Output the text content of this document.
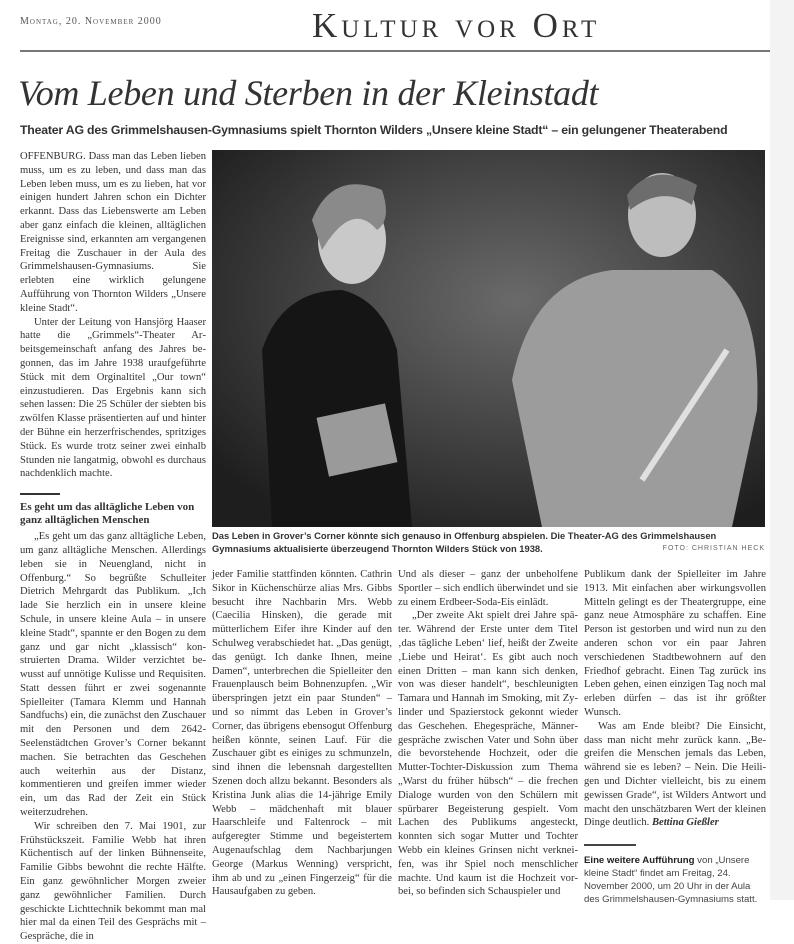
Montag, 20. November 2000	Kultur vor Ort
Vom Leben und Sterben in der Kleinstadt
Theater AG des Grimmelshausen-Gymnasiums spielt Thornton Wilders „Unsere kleine Stadt“ – ein gelungener Theaterabend

OFFENBURG. Dass man das Leben lieben muss, um es zu leben, und dass man das Leben leben muss, um es zu lieben, hat vor einigen hundert Jahren schon ein Dichter erkannt. Dass das Liebenswerte am Leben aber ganz einfach die kleinen, alltäglichen Ereignisse sind, erkannten am vergangenen Freitag die Zuschauer in der Aula des Grimmelshausen-Gymnasiums. Sie erlebten eine wirklich gelungene Aufführung von Thornton Wilders „Unsere kleine Stadt“.

Unter der Leitung von Hansjörg Haaser hatte die „Grimmels“-Theater Arbeitsgemeinschaft anfang des Jahres begonnen, das im Jahre 1938 uraufgeführte Stück mit dem Orginaltitel „Our town“ einzustudieren. Das Ergebnis kann sich sehen lassen: Die 25 Schüler der siebten bis zwölfen Klasse präsentierten auf und hinter der Bühne ein herzerfrischendes, spritziges Stück. Es wurde trotz seiner zwei einhalb Stunden nie langatmig, obwohl es durchaus nachdenklich machte.

Es geht um das alltägliche Leben von ganz alltäglichen Menschen

„Es geht um das ganz alltägliche Leben, um ganz alltägliche Menschen. Allerdings leben sie in Neuengland, nicht in Offenburg.“ So begrüßte Schulleiter Dietrich Mehrgardt das Publikum. „Ich lade Sie herzlich ein in unsere kleine Schule, in unsere kleine Aula – in unsere kleine Stadt“, spannte er den Bogen zu dem ganz und gar nicht „klassisch“ konstruierten Drama. Wilder verzichtet bewusst auf unnötige Kulisse und Requisiten. Statt dessen führt er zwei sogenannte Spielleiter (Tamara Klemm und Hannah Sandfuchs) ein, die zunächst den Zuschauer mit den Personen und dem 2642-Seelenstädtchen Grover’s Corner bekannt machen. Sie betrachten das Geschehen auch weiterhin aus der Distanz, kommentieren und greifen immer wieder ein, um das Rad der Zeit ein Stück weiterzudrehen.

Wir schreiben den 7. Mai 1901, zur Frühstückszeit. Familie Webb hat ihren Küchentisch auf der linken Bühnenseite, Familie Gibbs bewohnt die rechte Hälfte. Ein ganz gewöhnlicher Morgen zweier ganz gewöhnlicher Familien. Durch geschickte Lichttechnik bekommt man mal hier mal da einen Teil des Gesprächs mit – Gespräche, die in

Das Leben in Grover’s Corner könnte sich genauso in Offenburg abspielen. Die Theater-AG des Grimmelshausen Gymnasiums aktualisierte überzeugend Thornton Wilders Stück von 1938.	FOTO: CHRISTIAN HECK

jeder Familie stattfinden könnten. Cathrin Sikor in Küchenschürze alias Mrs. Gibbs besucht ihre Nachbarin Mrs. Webb (Caecilia Hinsken), die gerade mit mütterlichem Eifer ihre Kinder auf den Schulweg verabschiedet hat. „Das genügt, das genügt. Ich danke Ihnen, meine Damen“, unterbrechen die Spielleiter den Frauenplausch beim Bohnenzupfen. „Wir überspringen jetzt ein paar Stunden“ – und so nimmt das Leben in Grover’s Corner, das übrigens ebensogut Offenburg heißen könnte, seinen Lauf. Für die Zuschauer gibt es einiges zu schmunzeln, sind ihnen die lebensnah dargestellten Szenen doch allzu bekannt. Besonders als Kristina Junk alias die 14-jährige Emily Webb – mädchenhaft mit blauer Haarschleife und Faltenrock – mit aufgeregter Stimme und begeistertem Augenaufschlag dem Nachbarjungen George (Markus Wenning) verspricht, ihm ab und zu „einen Fingerzeig“ für die Hausaufgaben zu geben.

Und als dieser – ganz der unbeholfene Sportler – sich endlich überwindet und sie zu einem Erdbeer-Soda-Eis einlädt.

„Der zweite Akt spielt drei Jahre später. Während der Erste unter dem Titel ‚das tägliche Leben‘ lief, heißt der Zweite ‚Liebe und Heirat‘. Es gibt auch noch einen Dritten – man kann sich denken, von was dieser handelt“, beschleunigten Tamara und Hannah im Smoking, mit Zylinder und Spazierstock gekonnt wieder das Geschehen. Ehegespräche, Männergespräche zwischen Vater und Sohn über die bevorstehende Hochzeit, oder die Mutter-Tochter-Diskussion zum Thema „Warst du früher hübsch“ – die frechen Dialoge wurden von den Schülern mit spürbarer Begeisterung gespielt. Vom Lachen des Publikums angesteckt, konnten sich sogar Mutter und Tochter Webb ein kleines Grinsen nicht verkneifen, was ihr Spiel noch menschlicher machte. Und kaum ist die Hochzeit vorbei, so befinden sich Schauspieler und

Publikum dank der Spielleiter im Jahre 1913. Mit einfachen aber wirkungsvollen Mitteln gelingt es der Theatergruppe, eine ganz neue Atmosphäre zu schaffen. Eine Person ist gestorben und wird nun zu den anderen schon vor ein paar Jahren verschiedenen Stadtbewohnern auf den Friedhof gebracht. Einen Tag zurück ins Leben gehen, einen einzigen Tag noch mal erleben dürfen – das ist ihr größter Wunsch.

Was am Ende bleibt? Die Einsicht, dass man nicht mehr zurück kann. „Begreifen die Menschen jemals das Leben, während sie es leben? – Nein. Die Heiligen und Dichter vielleicht, bis zu einem gewissen Grade“, ist Wilders Antwort und macht den unschätzbaren Wert der kleinen Dinge deutlich. Bettina Gießler

Eine weitere Aufführung von „Unsere kleine Stadt“ findet am Freitag, 24. November 2000, um 20 Uhr in der Aula des Grimmelshausen-Gymnasiums statt.
